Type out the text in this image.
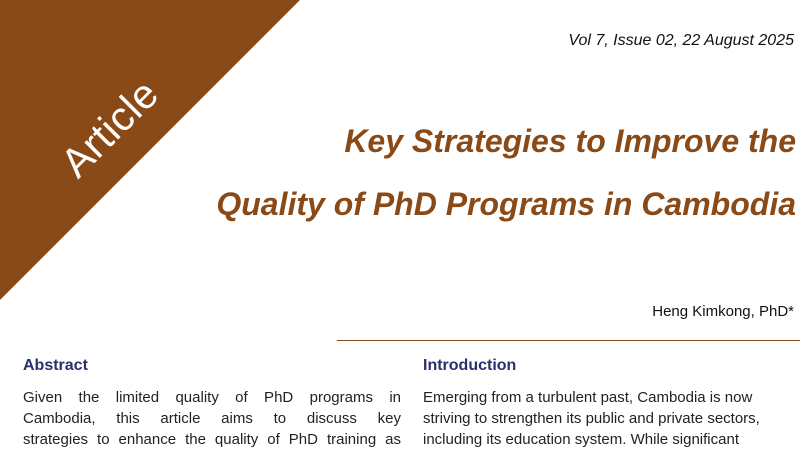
Article
Vol 7, Issue 02, 22 August 2025
Key Strategies to Improve the
Quality of PhD Programs in Cambodia
Heng Kimkong, PhD*
Abstract
Given the limited quality of PhD programs in
Cambodia, this article aims to discuss key
strategies to enhance the quality of PhD training as
Introduction
Emerging from a turbulent past, Cambodia is now
striving to strengthen its public and private sectors,
including its education system. While significant
